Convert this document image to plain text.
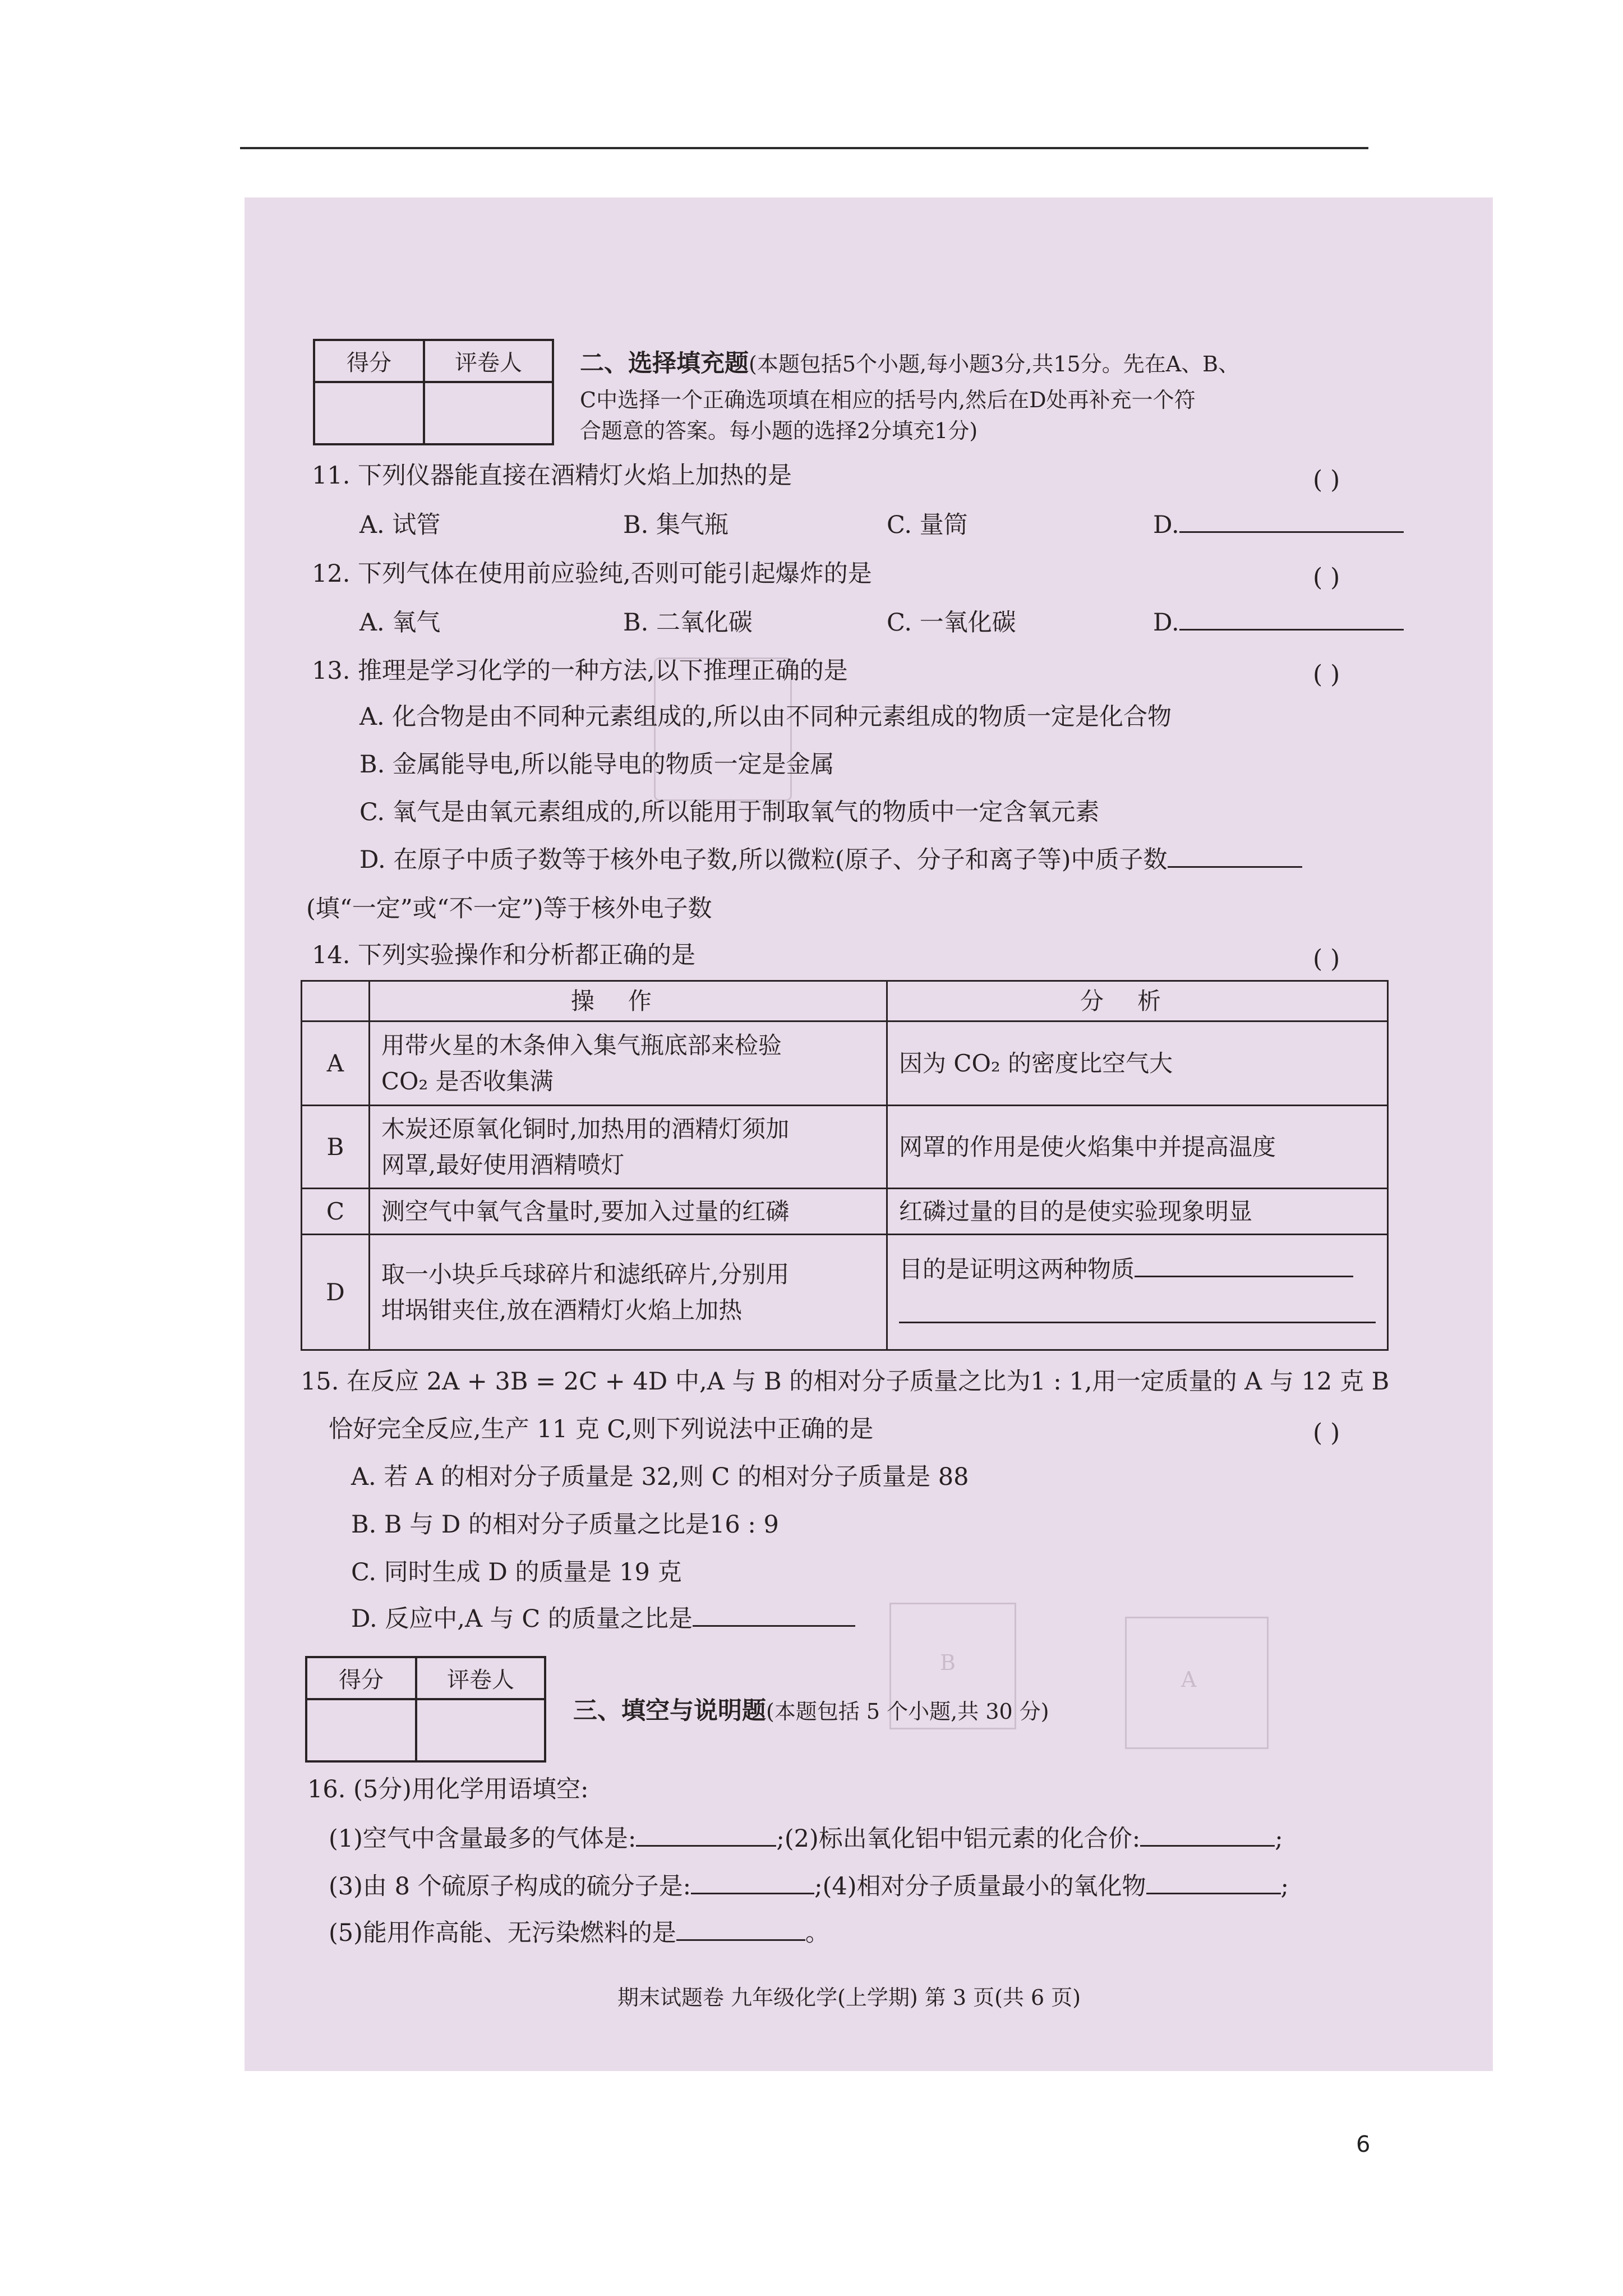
B
A
得分	评卷人
	二、选择填充题(本题包括5个小题,每小题3分,共15分。先在A、B、
C中选择一个正确选项填在相应的括号内,然后在D处再补充一个符
合题意的答案。每小题的选择2分填充1分)
11. 下列仪器能直接在酒精灯火焰上加热的是	( )
A. 试管	B. 集气瓶	C. 量筒	D.
12. 下列气体在使用前应验纯,否则可能引起爆炸的是	( )
A. 氧气	B. 二氧化碳	C. 一氧化碳	D.
13. 推理是学习化学的一种方法,以下推理正确的是	( )
A. 化合物是由不同种元素组成的,所以由不同种元素组成的物质一定是化合物
B. 金属能导电,所以能导电的物质一定是金属
C. 氧气是由氧元素组成的,所以能用于制取氧气的物质中一定含氧元素
D. 在原子中质子数等于核外电子数,所以微粒(原子、分子和离子等)中质子数
(填“一定”或“不一定”)等于核外电子数
14. 下列实验操作和分析都正确的是	( )
	操作	分析
A	用带火星的木条伸入集气瓶底部来检验
CO₂ 是否收集满	因为 CO₂ 的密度比空气大
B	木炭还原氧化铜时,加热用的酒精灯须加
网罩,最好使用酒精喷灯	网罩的作用是使火焰集中并提高温度
C	测空气中氧气含量时,要加入过量的红磷	红磷过量的目的是使实验现象明显
D	取一小块乒乓球碎片和滤纸碎片,分别用
坩埚钳夹住,放在酒精灯火焰上加热	目的是证明这两种物质
15. 在反应 2A + 3B = 2C + 4D 中,A 与 B 的相对分子质量之比为1 : 1,用一定质量的 A 与 12 克 B
恰好完全反应,生产 11 克 C,则下列说法中正确的是	( )
A. 若 A 的相对分子质量是 32,则 C 的相对分子质量是 88
B. B 与 D 的相对分子质量之比是16 : 9
C. 同时生成 D 的质量是 19 克
D. 反应中,A 与 C 的质量之比是
得分	评卷人

三、填空与说明题(本题包括 5 个小题,共 30 分)
16. (5分)用化学用语填空:
(1)空气中含量最多的气体是:	;(2)标出氧化铝中铝元素的化合价:	;
(3)由 8 个硫原子构成的硫分子是:	;(4)相对分子质量最小的氧化物	;
(5)能用作高能、无污染燃料的是	。
期末试题卷 九年级化学(上学期) 第 3 页(共 6 页)
6
